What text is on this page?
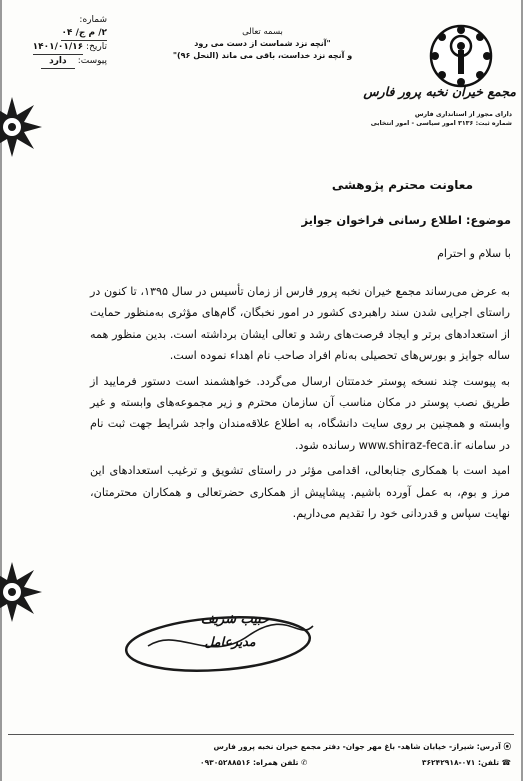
شماره: ۲/ م ج/ ۰۴
تاریخ: ۱۴۰۱/۰۱/۱۶
پیوست: دارد
بسمه تعالی
"آنچه نزد شماست از دست می رود
و آنچه نزد خداست، باقی می ماند (النحل ۹۶)"
مجمع خیران نخبه پرور فارس
دارای مجوز از استانداری فارس
شماره ثبت: ۳۱۳۶ امور سیاسی - امور انتخابی
معاونت محترم پژوهشی
موضوع: اطلاع رسانی فراخوان جوایز
با سلام و احترام

به عرض می‌رساند مجمع خیران نخبه پرور فارس از زمان تأسیس در سال ۱۳۹۵، تا کنون در راستای اجرایی شدن سند راهبردی کشور در امور نخبگان، گام‌های مؤثری به‌منظور حمایت از استعدادهای برتر و ایجاد فرصت‌های رشد و تعالی ایشان برداشته است. بدین منظور همه ساله جوایز و بورس‌های تحصیلی به‌نام افراد صاحب نام اهداء نموده است.

به پیوست چند نسخه پوستر خدمتتان ارسال می‌گردد. خواهشمند است دستور فرمایید از طریق نصب پوستر در مکان مناسب آن سازمان محترم و زیر مجموعه‌های وابسته و غیر وابسته و همچنین بر روی سایت دانشگاه، به اطلاع علاقه‌مندان واجد شرایط جهت ثبت نام در سامانه www.shiraz-feca.ir رسانده شود.

امید است با همکاری جنابعالی، اقدامی مؤثر در راستای تشویق و ترغیب استعدادهای این مرز و بوم، به عمل آورده باشیم. پیشاپیش از همکاری حضرتعالی و همکاران محترمتان، نهایت سپاس و قدردانی خود را تقدیم می‌داریم.

حبیب شریف
مدیرعامل
⦿ آدرس: شیراز- خیابان شاهد- باغ مهر جوان- دفتر مجمع خیران نخبه پرور فارس
☎ تلفن: ۰۷۱-۳۶۲۴۲۹۱۸
✆ تلفن همراه: ۰۹۳۰۵۲۸۸۵۱۶
